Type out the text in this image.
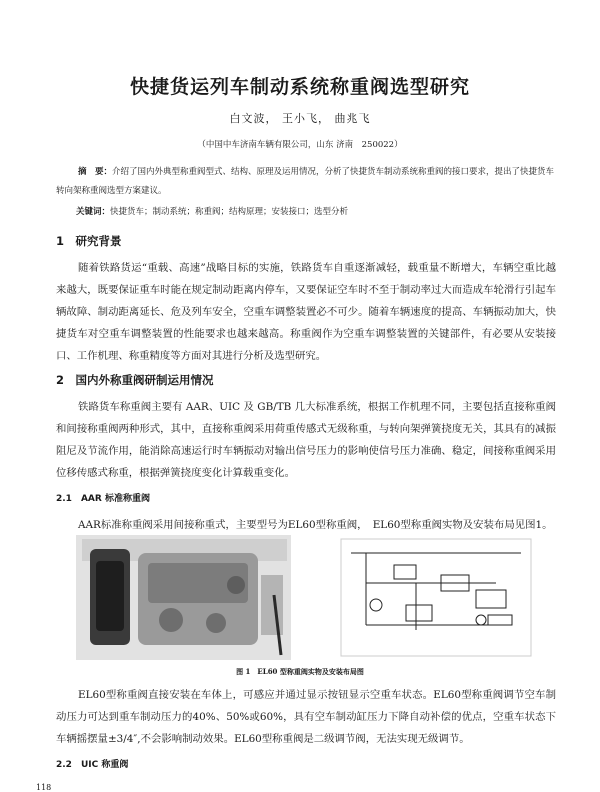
快捷货运列车制动系统称重阀选型研究
白文波， 王小飞， 曲兆飞
（中国中车济南车辆有限公司，山东 济南　250022）
摘　要：介绍了国内外典型称重阀型式、结构、原理及运用情况，分析了快捷货车制动系统称重阀的接口要求，提出了快捷货车转向架称重阀选型方案建议。
关键词：快捷货车；制动系统；称重阀；结构原理；安装接口；选型分析
1　研究背景
随着铁路货运“重载、高速”战略目标的实施，铁路货车自重逐渐减轻，载重量不断增大，车辆空重比越来越大，既要保证重车时能在规定制动距离内停车，又要保证空车时不至于制动率过大而造成车轮滑行引起车辆故障、制动距离延长、危及列车安全，空重车调整装置必不可少。随着车辆速度的提高、车辆振动加大，快捷货车对空重车调整装置的性能要求也越来越高。称重阀作为空重车调整装置的关键部件，有必要从安装接口、工作机理、称重精度等方面对其进行分析及选型研究。
2　国内外称重阀研制运用情况
铁路货车称重阀主要有 AAR、UIC 及 GB/TB 几大标准系统，根据工作机理不同，主要包括直接称重阀和间接称重阀两种形式，其中，直接称重阀采用荷重传感式无级称重，与转向架弹簧挠度无关，其具有的减振阻尼及节流作用，能消除高速运行时车辆振动对输出信号压力的影响使信号压力准确、稳定，间接称重阀采用位移传感式称重，根据弹簧挠度变化计算载重变化。
2.1　AAR 标准称重阀
AAR标准称重阀采用间接称重式，主要型号为EL60型称重阀，　EL60型称重阀实物及安装布局见图1。
图 1　EL60 型称重阀实物及安装布局图
EL60型称重阀直接安装在车体上，可感应并通过显示按钮显示空重车状态。EL60型称重阀调节空车制动压力可达到重车制动压力的40%、50%或60%，具有空车制动缸压力下降自动补偿的优点，空重车状态下车辆摇摆量±3/4″,不会影响制动效果。EL60型称重阀是二级调节阀，无法实现无级调节。
2.2　UIC 称重阀
118
